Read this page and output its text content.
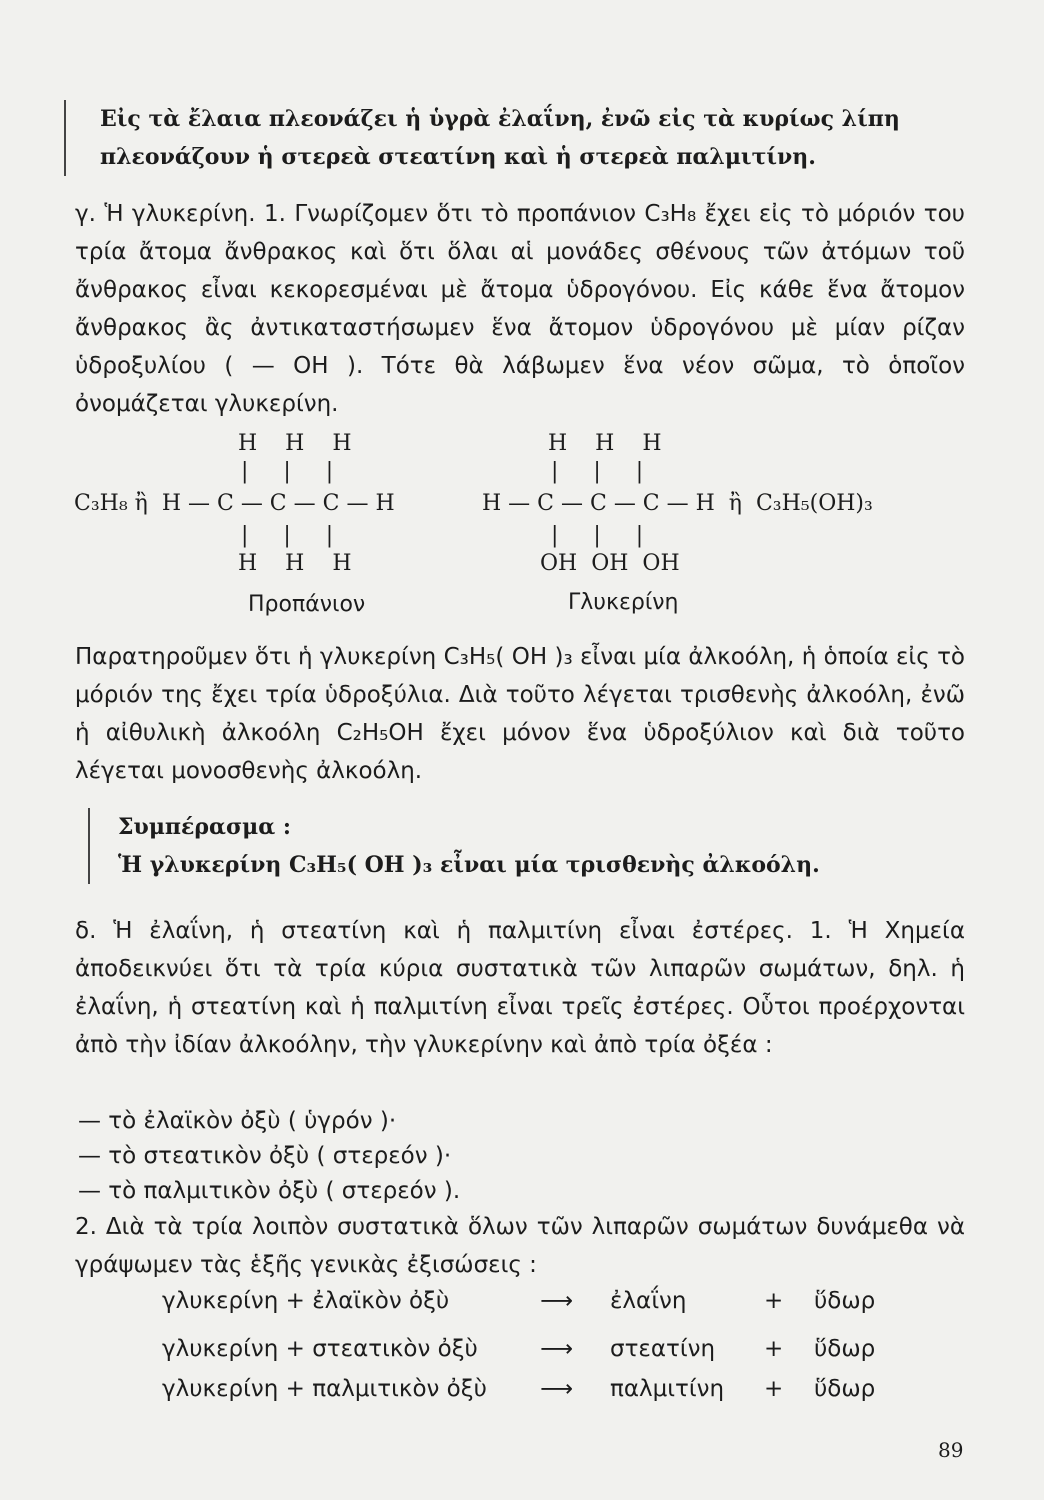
Εἰς τὰ ἔλαια πλεονάζει ἡ ὑγρὰ ἐλαΐνη, ἐνῶ εἰς τὰ κυρίως λίπη πλεονάζουν ἡ στερεὰ στεατίνη καὶ ἡ στερεὰ παλμιτίνη.
γ. Ἡ γλυκερίνη. 1. Γνωρίζομεν ὅτι τὸ προπάνιον C₃H₈ ἔχει εἰς τὸ μόριόν του τρία ἄτομα ἄνθρακος καὶ ὅτι ὅλαι αἱ μονάδες σθένους τῶν ἀτόμων τοῦ ἄνθρακος εἶναι κεκορεσμέναι μὲ ἄτομα ὑδρογόνου. Εἰς κάθε ἕνα ἄτομον ἄνθρακος ἂς ἀντικαταστήσωμεν ἕνα ἄτομον ὑδρογόνου μὲ μίαν ρίζαν ὑδροξυλίου ( — OH ). Τότε θὰ λάβωμεν ἕνα νέον σῶμα, τὸ ὁποῖον ὀνομάζεται γλυκερίνη.
H    H    H
|     |     |
C₃H₈ ἢ  H — C — C — C — H
|     |     |
H    H    H
Προπάνιον
H    H    H
|     |     |
H — C — C — C — H  ἢ  C₃H₅(OH)₃
|     |     |
OH  OH  OH
Γλυκερίνη
Παρατηροῦμεν ὅτι ἡ γλυκερίνη C₃H₅( OH )₃ εἶναι μία ἀλκοόλη, ἡ ὁποία εἰς τὸ μόριόν της ἔχει τρία ὑδροξύλια. Διὰ τοῦτο λέγεται τρισθενὴς ἀλκοόλη, ἐνῶ ἡ αἰθυλικὴ ἀλκοόλη C₂H₅OH ἔχει μόνον ἕνα ὑδροξύλιον καὶ διὰ τοῦτο λέγεται μονοσθενὴς ἀλκοόλη.
Συμπέρασμα :
Ἡ γλυκερίνη C₃H₅( OH )₃ εἶναι μία τρισθενὴς ἀλκοόλη.
δ. Ἡ ἐλαΐνη, ἡ στεατίνη καὶ ἡ παλμιτίνη εἶναι ἐστέρες. 1. Ἡ Χημεία ἀποδεικνύει ὅτι τὰ τρία κύρια συστατικὰ τῶν λιπαρῶν σωμάτων, δηλ. ἡ ἐλαΐνη, ἡ στεατίνη καὶ ἡ παλμιτίνη εἶναι τρεῖς ἐστέρες. Οὗτοι προέρχονται ἀπὸ τὴν ἰδίαν ἀλκοόλην, τὴν γλυκερίνην καὶ ἀπὸ τρία ὀξέα :
— τὸ ἐλαϊκὸν ὀξὺ ( ὑγρόν )·
— τὸ στεατικὸν ὀξὺ ( στερεόν )·
— τὸ παλμιτικὸν ὀξὺ ( στερεόν ).
2. Διὰ τὰ τρία λοιπὸν συστατικὰ ὅλων τῶν λιπαρῶν σωμάτων δυνάμεθα νὰ γράψωμεν τὰς ἑξῆς γενικὰς ἐξισώσεις :
γλυκερίνη + ἐλαϊκὸν ὀξὺ	⟶ ἐλαΐνη	+ ὕδωρ
γλυκερίνη + στεατικὸν ὀξὺ	⟶ στεατίνη + ὕδωρ
γλυκερίνη + παλμιτικὸν ὀξὺ ⟶ παλμιτίνη + ὕδωρ
89
